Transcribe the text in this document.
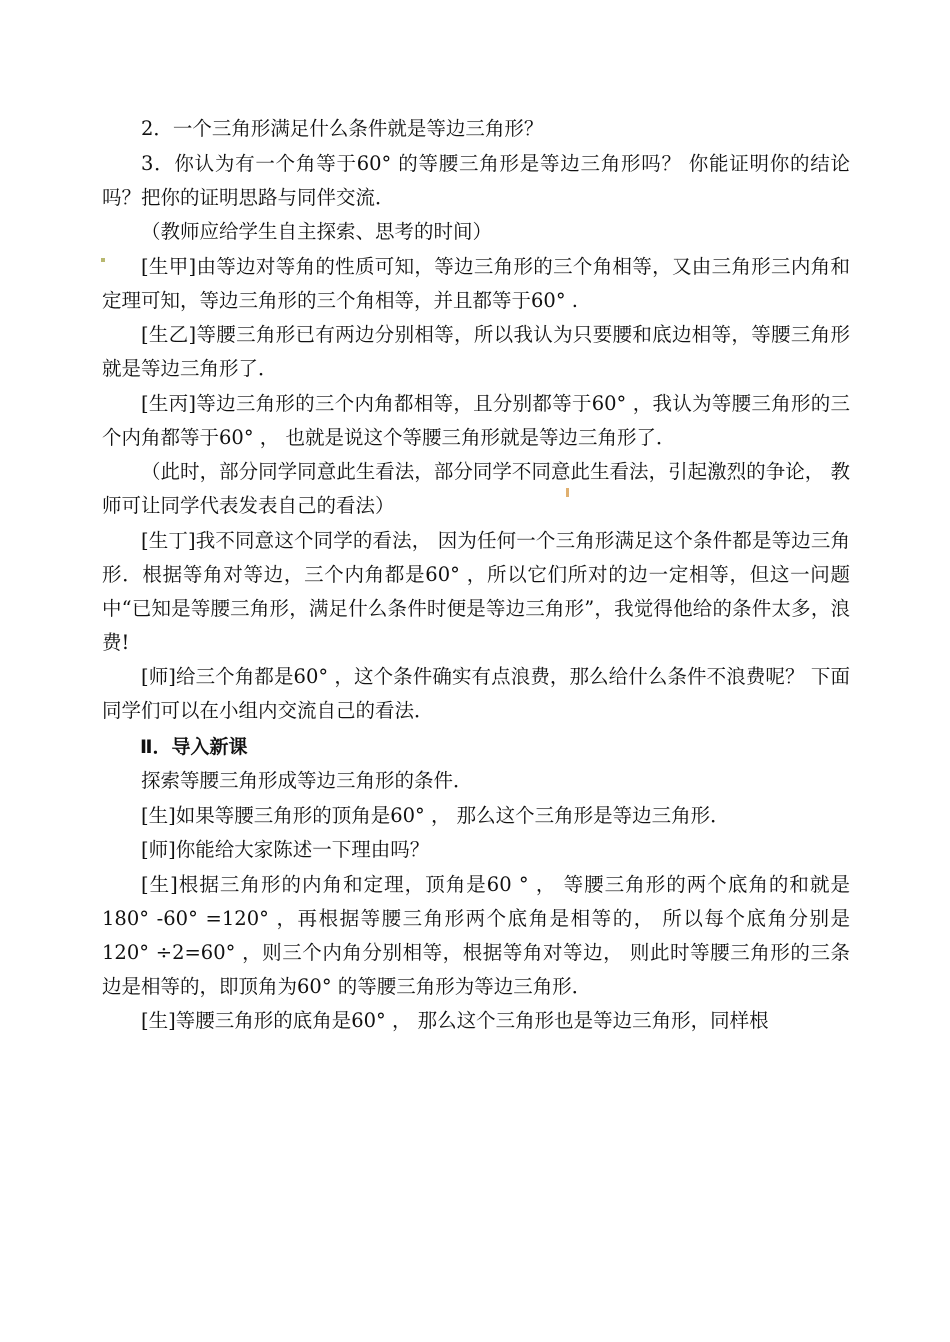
2．一个三角形满足什么条件就是等边三角形？

3．你认为有一个角等于60° 的等腰三角形是等边三角形吗？ 你能证明你的结论吗？把你的证明思路与同伴交流．

（教师应给学生自主探索、思考的时间）

[生甲]由等边对等角的性质可知，等边三角形的三个角相等，又由三角形三内角和定理可知，等边三角形的三个角相等，并且都等于60° .

[生乙]等腰三角形已有两边分别相等，所以我认为只要腰和底边相等，等腰三角形就是等边三角形了．

[生丙]等边三角形的三个内角都相等，且分别都等于60° ，我认为等腰三角形的三个内角都等于60° ， 也就是说这个等腰三角形就是等边三角形了．

（此时，部分同学同意此生看法，部分同学不同意此生看法，引起激烈的争论， 教师可让同学代表发表自己的看法）

[生丁]我不同意这个同学的看法， 因为任何一个三角形满足这个条件都是等边三角形．根据等角对等边，三个内角都是60° ，所以它们所对的边一定相等，但这一问题中“已知是等腰三角形，满足什么条件时便是等边三角形”，我觉得他给的条件太多，浪费!

[师]给三个角都是60° ，这个条件确实有点浪费，那么给什么条件不浪费呢？ 下面同学们可以在小组内交流自己的看法．

Ⅱ．导入新课

探索等腰三角形成等边三角形的条件．

[生]如果等腰三角形的顶角是60° ， 那么这个三角形是等边三角形．

[师]你能给大家陈述一下理由吗？

[生]根据三角形的内角和定理，顶角是60 ° ， 等腰三角形的两个底角的和就是180° -60° =120° ，再根据等腰三角形两个底角是相等的， 所以每个底角分别是120° ÷2=60° ，则三个内角分别相等，根据等角对等边， 则此时等腰三角形的三条边是相等的，即顶角为60° 的等腰三角形为等边三角形．

[生]等腰三角形的底角是60° ， 那么这个三角形也是等边三角形，同样根
